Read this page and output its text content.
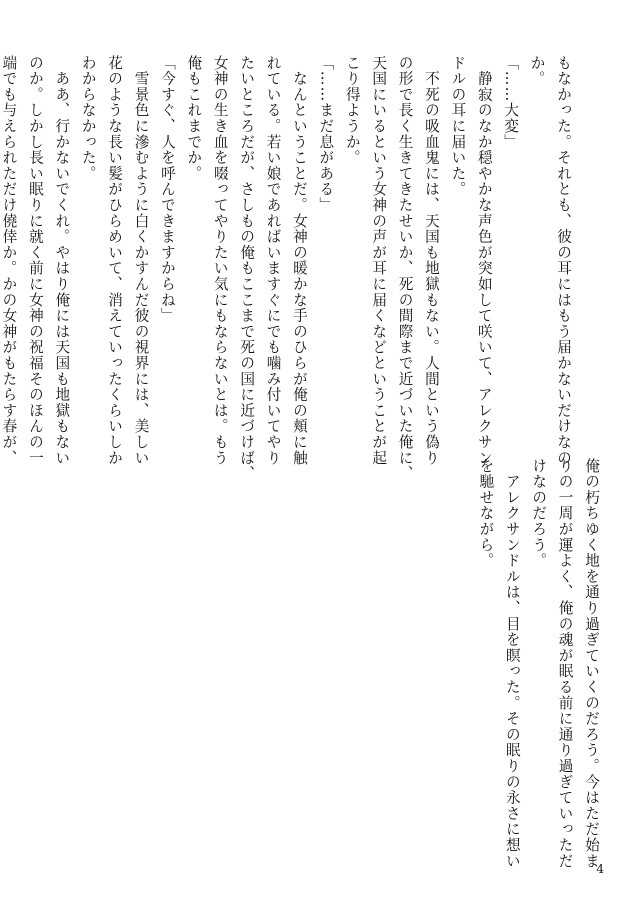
もなかった。それとも、彼の耳にはもう届かないだけなの
か。
「……大変」
　静寂のなか穏やかな声色が突如して咲いて、アレクサン
ドルの耳に届いた。
　不死の吸血鬼には、天国も地獄もない。人間という偽り
の形で長く生きてきたせいか、死の間際まで近づいた俺に、
天国にいるという女神の声が耳に届くなどということが起
こり得ようか。
「……まだ息がある」
　なんということだ。女神の暖かな手のひらが俺の頬に触
れている。若い娘であればいますぐにでも噛み付いてやり
たいところだが、さしもの俺もここまで死の国に近づけば、
女神の生き血を啜ってやりたい気にもならないとは。もう
俺もこれまでか。
「今すぐ、人を呼んできますからね」
　雪景色に滲むように白くかすんだ彼の視界には、美しい
花のような長い髪がひらめいて、消えていったくらいしか
わからなかった。
　ああ、行かないでくれ。やはり俺には天国も地獄もない
のか。しかし長い眠りに就く前に女神の祝福そのほんの一
端でも与えられただけ僥倖か。かの女神がもたらす春が、
俺の朽ちゆく地を通り過ぎていくのだろう。今はただ始ま
りの一周が運よく、俺の魂が眠る前に通り過ぎていっただ
けなのだろう。
　アレクサンドルは、目を瞑った。その眠りの永さに想い
を馳せながら。
4
